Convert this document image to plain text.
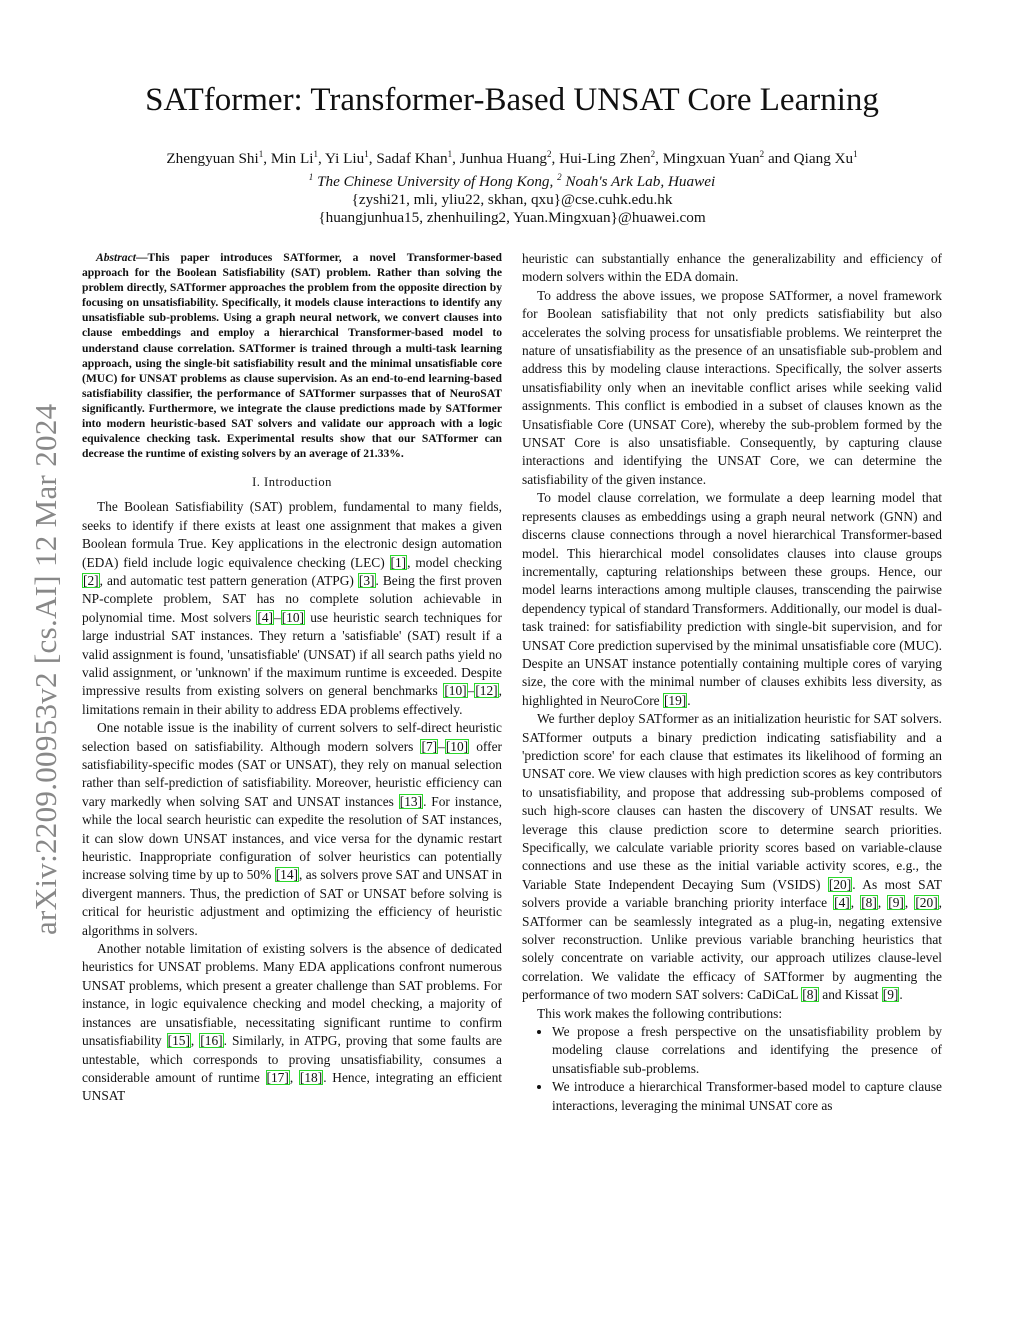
arXiv:2209.00953v2 [cs.AI] 12 Mar 2024
SATformer: Transformer-Based UNSAT Core Learning
Zhengyuan Shi$^1$, Min Li$^1$, Yi Liu$^1$, Sadaf Khan$^1$, Junhua Huang$^2$, Hui-Ling Zhen$^2$, Mingxuan Yuan$^2$ and Qiang Xu$^1$
$^1$ The Chinese University of Hong Kong, $^2$ Noah's Ark Lab, Huawei
{zyshi21, mli, yliu22, skhan, qxu}@cse.cuhk.edu.hk
{huangjunhua15, zhenhuiling2, Yuan.Mingxuan}@huawei.com

Abstract—This paper introduces SATformer, a novel Transformer-based approach for the Boolean Satisfiability (SAT) problem. Rather than solving the problem directly, SATformer approaches the problem from the opposite direction by focusing on unsatisfiability. Specifically, it models clause interactions to identify any unsatisfiable sub-problems. Using a graph neural network, we convert clauses into clause embeddings and employ a hierarchical Transformer-based model to understand clause correlation. SATformer is trained through a multi-task learning approach, using the single-bit satisfiability result and the minimal unsatisfiable core (MUC) for UNSAT problems as clause supervision. As an end-to-end learning-based satisfiability classifier, the performance of SATformer surpasses that of NeuroSAT significantly. Furthermore, we integrate the clause predictions made by SATformer into modern heuristic-based SAT solvers and validate our approach with a logic equivalence checking task. Experimental results show that our SATformer can decrease the runtime of existing solvers by an average of 21.33%.

I. Introduction

The Boolean Satisfiability (SAT) problem, fundamental to many fields, seeks to identify if there exists at least one assignment that makes a given Boolean formula True. Key applications in the electronic design automation (EDA) field include logic equivalence checking (LEC) [1], model checking [2], and automatic test pattern generation (ATPG) [3]. Being the first proven NP-complete problem, SAT has no complete solution achievable in polynomial time. Most solvers [4]–[10] use heuristic search techniques for large industrial SAT instances. They return a 'satisfiable' (SAT) result if a valid assignment is found, 'unsatisfiable' (UNSAT) if all search paths yield no valid assignment, or 'unknown' if the maximum runtime is exceeded. Despite impressive results from existing solvers on general benchmarks [10]–[12], limitations remain in their ability to address EDA problems effectively.

One notable issue is the inability of current solvers to self-direct heuristic selection based on satisfiability. Although modern solvers [7]–[10] offer satisfiability-specific modes (SAT or UNSAT), they rely on manual selection rather than self-prediction of satisfiability. Moreover, heuristic efficiency can vary markedly when solving SAT and UNSAT instances [13]. For instance, while the local search heuristic can expedite the resolution of SAT instances, it can slow down UNSAT instances, and vice versa for the dynamic restart heuristic. Inappropriate configuration of solver heuristics can potentially increase solving time by up to 50% [14], as solvers prove SAT and UNSAT in divergent manners. Thus, the prediction of SAT or UNSAT before solving is critical for heuristic adjustment and optimizing the efficiency of heuristic algorithms in solvers.

Another notable limitation of existing solvers is the absence of dedicated heuristics for UNSAT problems. Many EDA applications confront numerous UNSAT problems, which present a greater challenge than SAT problems. For instance, in logic equivalence checking and model checking, a majority of instances are unsatisfiable, necessitating significant runtime to confirm unsatisfiability [15], [16]. Similarly, in ATPG, proving that some faults are untestable, which corresponds to proving unsatisfiability, consumes a considerable amount of runtime [17], [18]. Hence, integrating an efficient UNSAT

heuristic can substantially enhance the generalizability and efficiency of modern solvers within the EDA domain.

To address the above issues, we propose SATformer, a novel framework for Boolean satisfiability that not only predicts satisfiability but also accelerates the solving process for unsatisfiable problems. We reinterpret the nature of unsatisfiability as the presence of an unsatisfiable sub-problem and address this by modeling clause interactions. Specifically, the solver asserts unsatisfiability only when an inevitable conflict arises while seeking valid assignments. This conflict is embodied in a subset of clauses known as the Unsatisfiable Core (UNSAT Core), whereby the sub-problem formed by the UNSAT Core is also unsatisfiable. Consequently, by capturing clause interactions and identifying the UNSAT Core, we can determine the satisfiability of the given instance.

To model clause correlation, we formulate a deep learning model that represents clauses as embeddings using a graph neural network (GNN) and discerns clause connections through a novel hierarchical Transformer-based model. This hierarchical model consolidates clauses into clause groups incrementally, capturing relationships between these groups. Hence, our model learns interactions among multiple clauses, transcending the pairwise dependency typical of standard Transformers. Additionally, our model is dual-task trained: for satisfiability prediction with single-bit supervision, and for UNSAT Core prediction supervised by the minimal unsatisfiable core (MUC). Despite an UNSAT instance potentially containing multiple cores of varying size, the core with the minimal number of clauses exhibits less diversity, as highlighted in NeuroCore [19].

We further deploy SATformer as an initialization heuristic for SAT solvers. SATformer outputs a binary prediction indicating satisfiability and a 'prediction score' for each clause that estimates its likelihood of forming an UNSAT core. We view clauses with high prediction scores as key contributors to unsatisfiability, and propose that addressing sub-problems composed of such high-score clauses can hasten the discovery of UNSAT results. We leverage this clause prediction score to determine search priorities. Specifically, we calculate variable priority scores based on variable-clause connections and use these as the initial variable activity scores, e.g., the Variable State Independent Decaying Sum (VSIDS) [20]. As most SAT solvers provide a variable branching priority interface [4], [8], [9], [20], SATformer can be seamlessly integrated as a plug-in, negating extensive solver reconstruction. Unlike previous variable branching heuristics that solely concentrate on variable activity, our approach utilizes clause-level correlation. We validate the efficacy of SATformer by augmenting the performance of two modern SAT solvers: CaDiCaL [8] and Kissat [9].

This work makes the following contributions:

• We propose a fresh perspective on the unsatisfiability problem by modeling clause correlations and identifying the presence of unsatisfiable sub-problems.
• We introduce a hierarchical Transformer-based model to capture clause interactions, leveraging the minimal UNSAT core as
